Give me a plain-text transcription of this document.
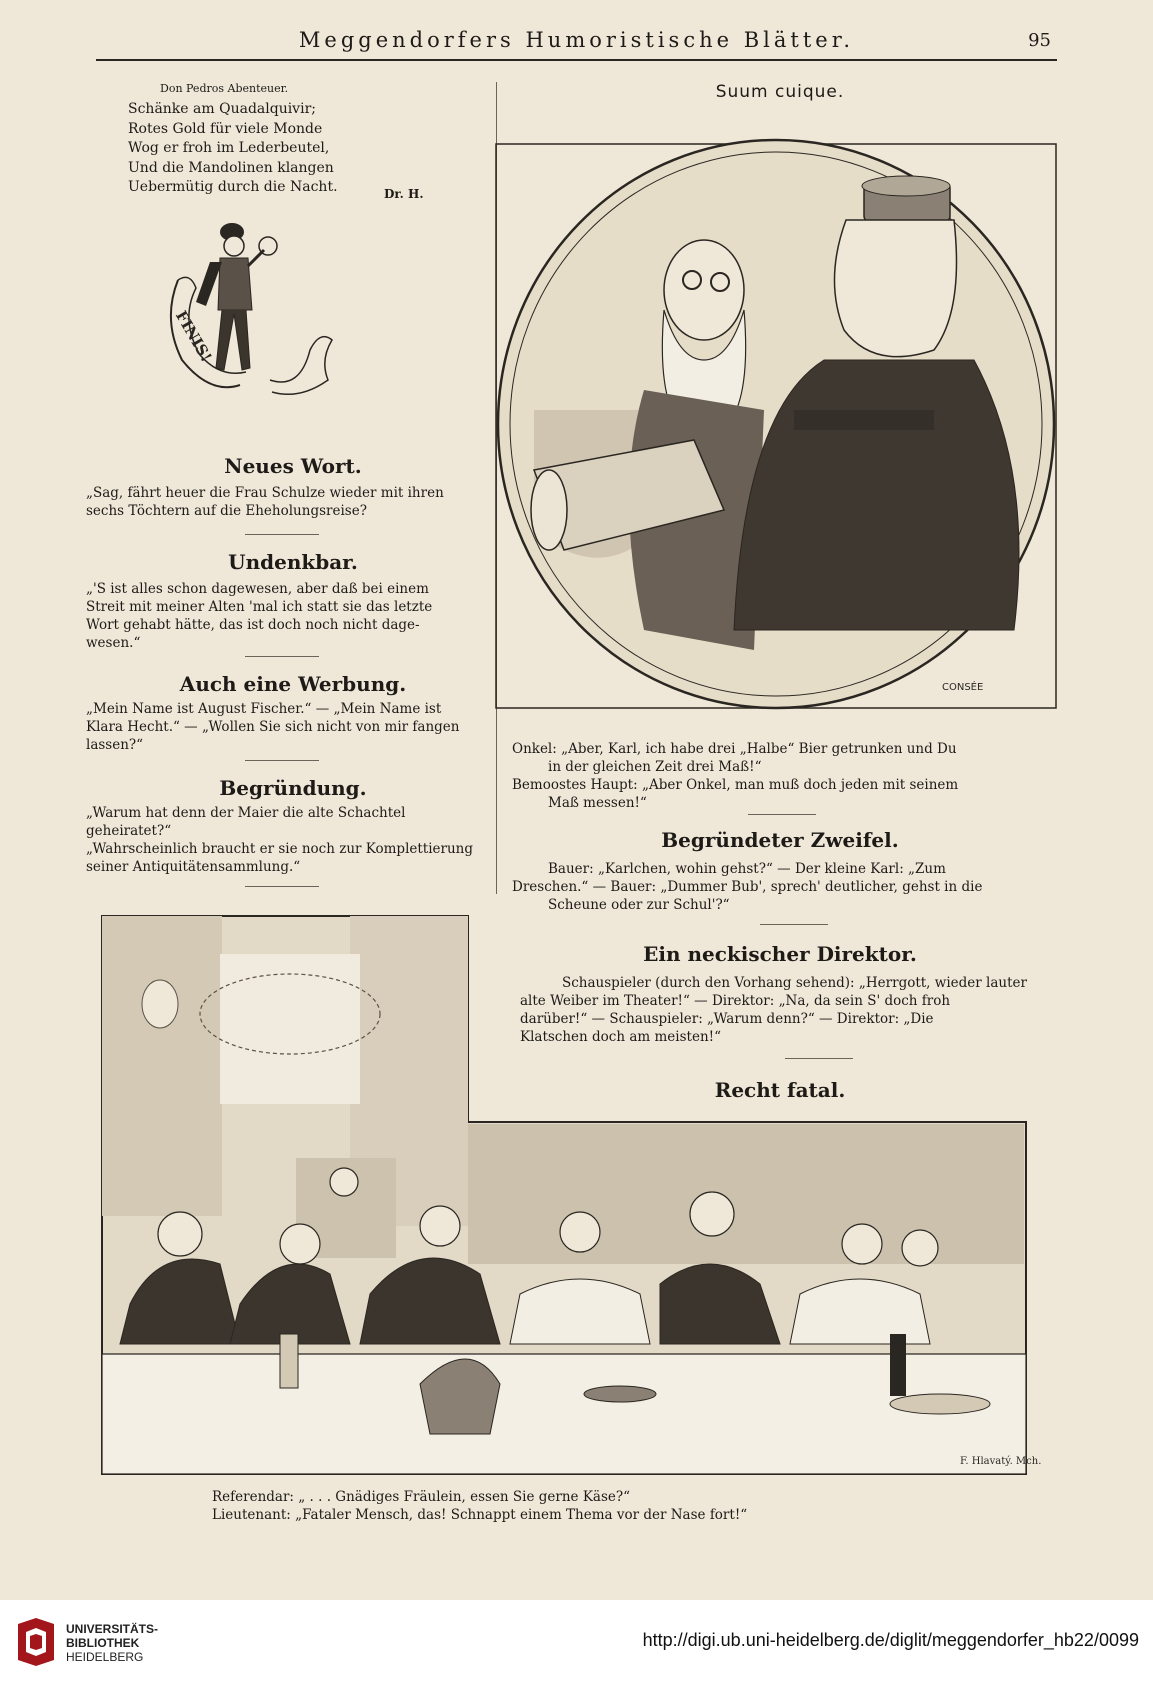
Meggendorfers Humoristische Blätter.	95
Don Pedros Abenteuer.
Schänke am Quadalquivir;
Rotes Gold für viele Monde
Wog er froh im Lederbeutel,
Und die Mandolinen klangen
Uebermütig durch die Nacht.	Dr. H.
FINIS!
Neues Wort.
„Sag, fährt heuer die Frau Schulze wieder mit ihren
sechs Töchtern auf die Eheholungsreise?
Undenkbar.
„'S ist alles schon dagewesen, aber daß bei einem
Streit mit meiner Alten 'mal ich statt sie das letzte
Wort gehabt hätte, das ist doch noch nicht dage-
wesen.“
Auch eine Werbung.
„Mein Name ist August Fischer.“ — „Mein Name ist
Klara Hecht.“ — „Wollen Sie sich nicht von mir fangen
lassen?“
Begründung.
„Warum hat denn der Maier die alte Schachtel
geheiratet?“
„Wahrscheinlich braucht er sie noch zur Komplettierung
seiner Antiquitätensammlung.“
Suum cuique.
CONSÉE
Onkel: „Aber, Karl, ich habe drei „Halbe“ Bier getrunken und Du
in der gleichen Zeit drei Maß!“
Bemoostes Haupt: „Aber Onkel, man muß doch jeden mit seinem
Maß messen!“
Begründeter Zweifel.
Bauer: „Karlchen, wohin gehst?“ — Der kleine Karl: „Zum
Dreschen.“ — Bauer: „Dummer Bub', sprech' deutlicher, gehst in die
Scheune oder zur Schul'?“
Ein neckischer Direktor.
Schauspieler (durch den Vorhang sehend): „Herrgott, wieder lauter
alte Weiber im Theater!“ — Direktor: „Na, da sein S' doch froh
darüber!“ — Schauspieler: „Warum denn?“ — Direktor: „Die
Klatschen doch am meisten!“
Recht fatal.
F. Hlavatý. Mch.
Referendar: „ . . . Gnädiges Fräulein, essen Sie gerne Käse?“
Lieutenant: „Fataler Mensch, das! Schnappt einem Thema vor der Nase fort!“
UNIVERSITÄTS-
BIBLIOTHEK
HEIDELBERG
http://digi.ub.uni-heidelberg.de/diglit/meggendorfer_hb22/0099
